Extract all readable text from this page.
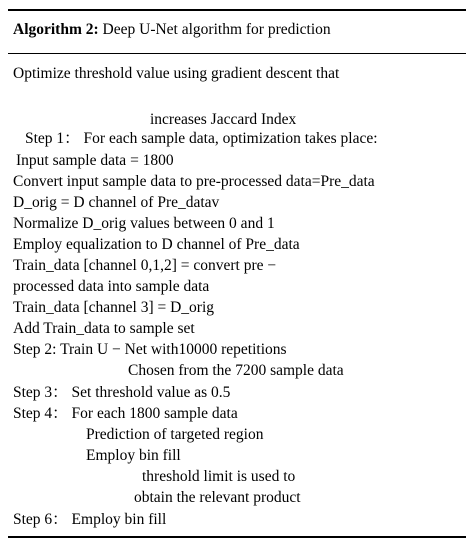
Algorithm 2: Deep U-Net algorithm for prediction
Optimize threshold value using gradient descent that
increases Jaccard Index
Step 1： For each sample data, optimization takes place:
Input sample data = 1800
Convert input sample data to pre-processed data=Pre_data
D_orig = D channel of Pre_datav
Normalize D_orig values between 0 and 1
Employ equalization to D channel of Pre_data
Train_data [channel 0,1,2] = convert pre −
processed data into sample data
Train_data [channel 3] = D_orig
Add Train_data to sample set
Step 2: Train U − Net with10000 repetitions
Chosen from the 7200 sample data
Step 3： Set threshold value as 0.5
Step 4： For each 1800 sample data
Prediction of targeted region
Employ bin fill
threshold limit is used to
obtain the relevant product
Step 6： Employ bin fill
